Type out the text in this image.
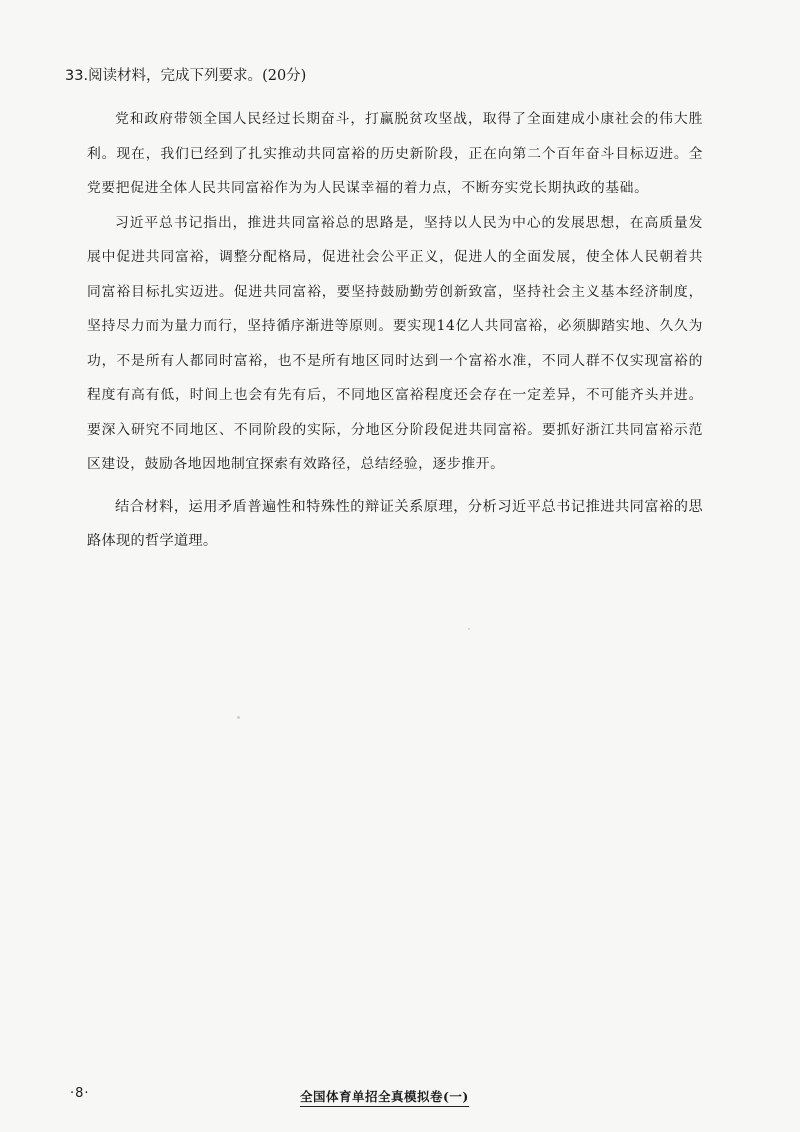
33.阅读材料，完成下列要求。(20分)

党和政府带领全国人民经过长期奋斗，打赢脱贫攻坚战，取得了全面建成小康社会的伟大胜利。现在，我们已经到了扎实推动共同富裕的历史新阶段，正在向第二个百年奋斗目标迈进。全党要把促进全体人民共同富裕作为为人民谋幸福的着力点，不断夯实党长期执政的基础。

习近平总书记指出，推进共同富裕总的思路是，坚持以人民为中心的发展思想，在高质量发展中促进共同富裕，调整分配格局，促进社会公平正义，促进人的全面发展，使全体人民朝着共同富裕目标扎实迈进。促进共同富裕，要坚持鼓励勤劳创新致富，坚持社会主义基本经济制度，坚持尽力而为量力而行，坚持循序渐进等原则。要实现14亿人共同富裕，必须脚踏实地、久久为功，不是所有人都同时富裕，也不是所有地区同时达到一个富裕水准，不同人群不仅实现富裕的程度有高有低，时间上也会有先有后，不同地区富裕程度还会存在一定差异，不可能齐头并进。要深入研究不同地区、不同阶段的实际，分地区分阶段促进共同富裕。要抓好浙江共同富裕示范区建设，鼓励各地因地制宜探索有效路径，总结经验，逐步推开。

结合材料，运用矛盾普遍性和特殊性的辩证关系原理，分析习近平总书记推进共同富裕的思路体现的哲学道理。

·8·	全国体育单招全真模拟卷(一)
